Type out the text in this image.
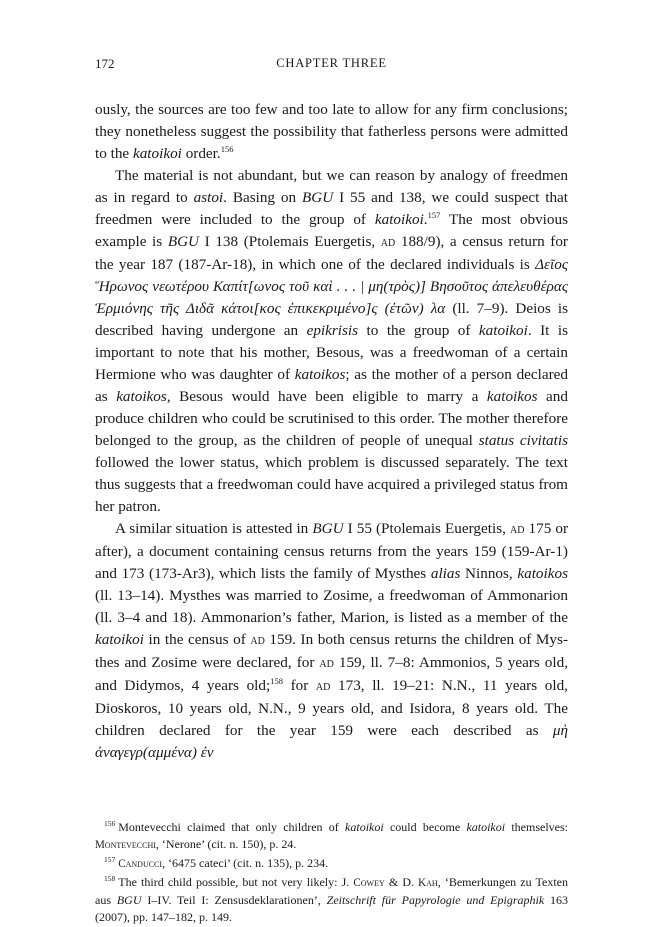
172	CHAPTER THREE

ously, the sources are too few and too late to allow for any firm conclusions; they nonetheless suggest the possibility that fatherless persons were admitted to the katoikoi order.$^{156}$

The material is not abundant, but we can reason by analogy of freedmen as in regard to astoi. Basing on BGU I 55 and 138, we could suspect that freedmen were included to the group of katoikoi.$^{157}$ The most obvious example is BGU I 138 (Ptolemais Euergetis, ad 188/9), a census return for the year 187 (187-Ar-18), in which one of the declared individuals is Δεῖος Ἥρωνος νεωτέρου Καπίτ[ωνος τοῦ καὶ . . . | μη(τρὸς)] Βησοῦτος ἀπελευθέρας Ἑρμιόνης τῆς Διδᾶ κάτοι[κος ἐπικεκριμένο]ς (ἐτῶν) λα (ll. 7–9). Deios is described having undergone an epikrisis to the group of katoikoi. It is important to note that his mother, Besous, was a freedwoman of a certain Hermione who was daughter of katoikos; as the mother of a person declared as katoikos, Besous would have been eligible to marry a katoikos and produce children who could be scrutinised to this order. The mother therefore belonged to the group, as the children of people of unequal status civitatis followed the lower status, which problem is discussed separately. The text thus suggests that a freedwoman could have acquired a privileged status from her patron.

A similar situation is attested in BGU I 55 (Ptolemais Euergetis, ad 175 or after), a document containing census returns from the years 159 (159-Ar-1) and 173 (173-Ar3), which lists the family of Mysthes alias Ninnos, katoikos (ll. 13–14). Mysthes was married to Zosime, a freedwoman of Ammonarion (ll. 3–4 and 18). Ammonarion’s father, Marion, is listed as a member of the katoikoi in the census of ad 159. In both census returns the children of Mysthes and Zosime were declared, for ad 159, ll. 7–8: Ammonios, 5 years old, and Didymos, 4 years old;$^{158}$ for ad 173, ll. 19–21: N.N., 11 years old, Dioskoros, 10 years old, N.N., 9 years old, and Isidora, 8 years old. The children declared for the year 159 were each described as μὴ ἀναγεγρ(αμμένα) ἐν

$^{156}$ Montevecchi claimed that only children of katoikoi could become katoikoi themselves: Montevecchi, ‘Nerone’ (cit. n. 150), p. 24.

$^{157}$ Canducci, ‘6475 cateci’ (cit. n. 135), p. 234.

$^{158}$ The third child possible, but not very likely: J. Cowey & D. Kah, ‘Bemerkungen zu Texten aus BGU I–IV. Teil I: Zensusdeklarationen’, Zeitschrift für Papyrologie und Epigraphik 163 (2007), pp. 147–182, p. 149.
